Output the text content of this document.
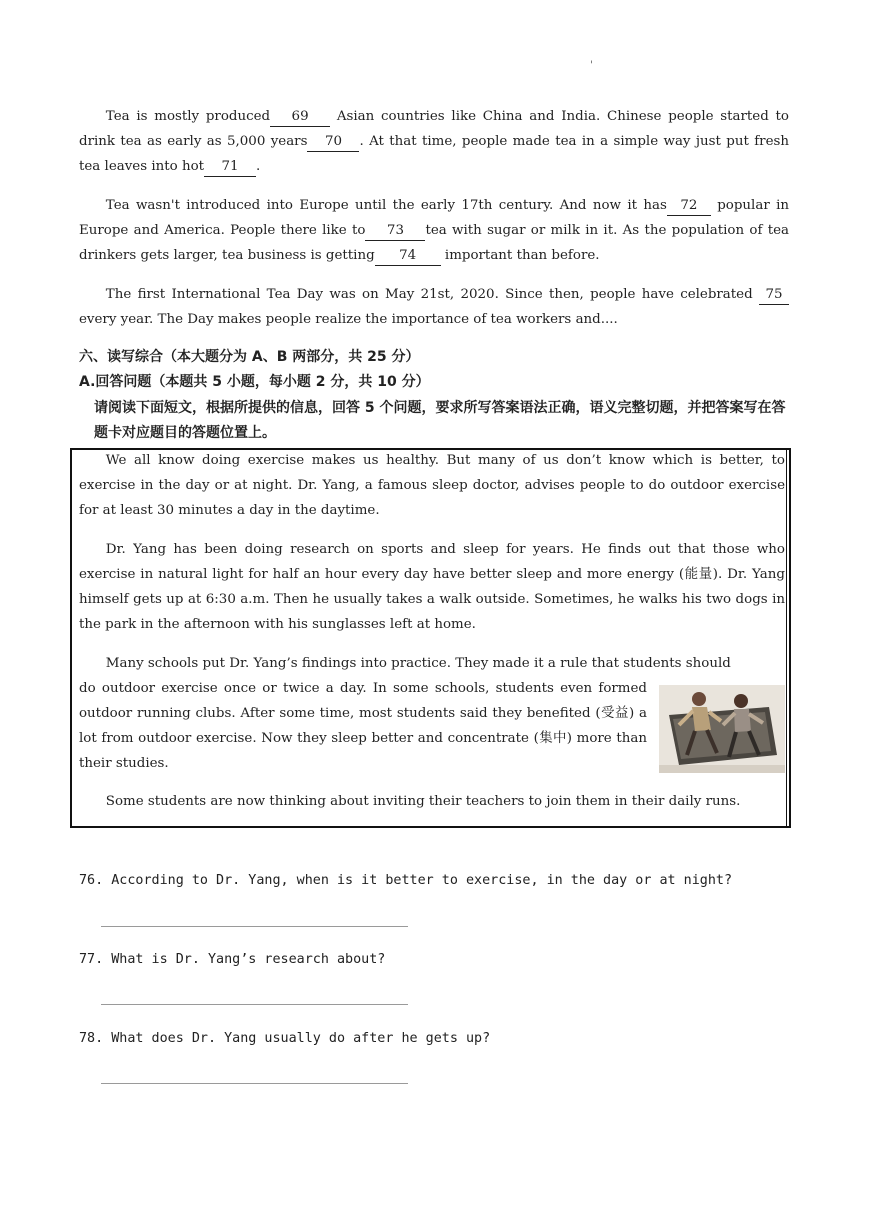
'

Tea is mostly produced 69 Asian countries like China and India. Chinese people started to drink tea as early as 5,000 years 70 . At that time, people made tea in a simple way just put fresh tea leaves into hot 71 .

Tea wasn't introduced into Europe until the early 17th century. And now it has 72 popular in Europe and America. People there like to 73 tea with sugar or milk in it. As the population of tea drinkers gets larger, tea business is getting 74 important than before.

The first International Tea Day was on May 21st, 2020. Since then, people have celebrated 75 every year. The Day makes people realize the importance of tea workers and....

六、读写综合（本大题分为 A、B 两部分，共 25 分）

A.回答问题（本题共 5 小题，每小题 2 分，共 10 分）

请阅读下面短文，根据所提供的信息，回答 5 个问题，要求所写答案语法正确，语义完整切题，并把答案写在答题卡对应题目的答题位置上。

We all know doing exercise makes us healthy. But many of us don’t know which is better, to exercise in the day or at night. Dr. Yang, a famous sleep doctor, advises people to do outdoor exercise for at least 30 minutes a day in the daytime.

Dr. Yang has been doing research on sports and sleep for years. He finds out that those who exercise in natural light for half an hour every day have better sleep and more energy (能量). Dr. Yang himself gets up at 6:30 a.m. Then he usually takes a walk outside. Sometimes, he walks his two dogs in the park in the afternoon with his sunglasses left at home.

Many schools put Dr. Yang’s findings into practice. They made it a rule that students should

do outdoor exercise once or twice a day. In some schools, students even formed outdoor running clubs. After some time, most students said they benefited (受益) a lot from outdoor exercise. Now they sleep better and concentrate (集中) more than their studies.

Some students are now thinking about inviting their teachers to join them in their daily runs.

76. According to Dr. Yang, when is it better to exercise, in the day or at night?

77. What is Dr. Yang’s research about?

78. What does Dr. Yang usually do after he gets up?
